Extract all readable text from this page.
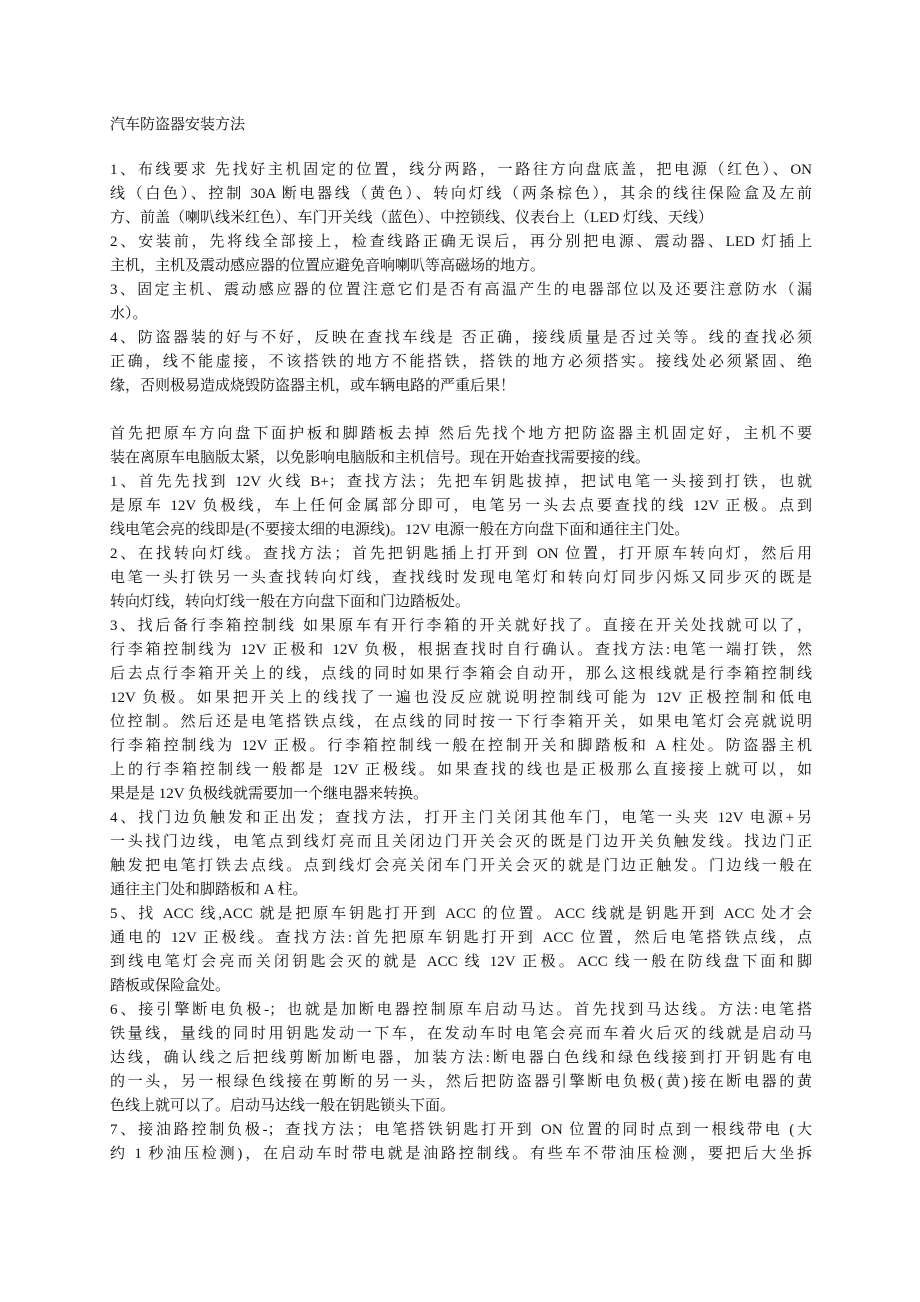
汽车防盗器安装方法
1、布线要求 先找好主机固定的位置，线分两路，一路往方向盘底盖，把电源（红色）、ON
线（白色）、控制 30A 断电器线（黄色）、转向灯线（两条棕色），其余的线往保险盒及左前
方、前盖（喇叭线米红色）、车门开关线（蓝色）、中控锁线、仪表台上（LED 灯线、天线）
2、安装前，先将线全部接上，检查线路正确无误后，再分别把电源、震动器、LED 灯插上
主机，主机及震动感应器的位置应避免音响喇叭等高磁场的地方。
3、固定主机、震动感应器的位置注意它们是否有高温产生的电器部位以及还要注意防水（漏
水）。
4、防盗器装的好与不好，反映在查找车线是 否正确，接线质量是否过关等。线的查找必须
正确，线不能虚接，不该搭铁的地方不能搭铁，搭铁的地方必须搭实。接线处必须紧固、绝
缘，否则极易造成烧毁防盗器主机，或车辆电路的严重后果！
首先把原车方向盘下面护板和脚踏板去掉 然后先找个地方把防盗器主机固定好，主机不要
装在离原车电脑版太紧，以免影响电脑版和主机信号。现在开始查找需要接的线。
1、首先先找到 12V 火线 B+；查找方法；先把车钥匙拔掉，把试电笔一头接到打铁，也就
是原车 12V 负极线，车上任何金属部分即可，电笔另一头去点要查找的线 12V 正极。点到
线电笔会亮的线即是(不要接太细的电源线)。12V 电源一般在方向盘下面和通往主门处。
2、在找转向灯线。查找方法；首先把钥匙插上打开到 ON 位置，打开原车转向灯，然后用
电笔一头打铁另一头查找转向灯线，查找线时发现电笔灯和转向灯同步闪烁又同步灭的既是
转向灯线，转向灯线一般在方向盘下面和门边踏板处。
3、找后备行李箱控制线 如果原车有开行李箱的开关就好找了。直接在开关处找就可以了，
行李箱控制线为 12V 正极和 12V 负极，根据查找时自行确认。查找方法:电笔一端打铁，然
后去点行李箱开关上的线，点线的同时如果行李箱会自动开，那么这根线就是行李箱控制线
12V 负极。如果把开关上的线找了一遍也没反应就说明控制线可能为 12V 正极控制和低电
位控制。然后还是电笔搭铁点线，在点线的同时按一下行李箱开关，如果电笔灯会亮就说明
行李箱控制线为 12V 正极。行李箱控制线一般在控制开关和脚踏板和 A 柱处。防盗器主机
上的行李箱控制线一般都是 12V 正极线。如果查找的线也是正极那么直接接上就可以，如
果是是 12V 负极线就需要加一个继电器来转换。
4、找门边负触发和正出发；查找方法，打开主门关闭其他车门，电笔一头夹 12V 电源+另
一头找门边线，电笔点到线灯亮而且关闭边门开关会灭的既是门边开关负触发线。找边门正
触发把电笔打铁去点线。点到线灯会亮关闭车门开关会灭的就是门边正触发。门边线一般在
通往主门处和脚踏板和 A 柱。
5、找 ACC 线,ACC 就是把原车钥匙打开到 ACC 的位置。ACC 线就是钥匙开到 ACC 处才会
通电的 12V 正极线。查找方法:首先把原车钥匙打开到 ACC 位置，然后电笔搭铁点线，点
到线电笔灯会亮而关闭钥匙会灭的就是 ACC 线 12V 正极。ACC 线一般在防线盘下面和脚
踏板或保险盒处。
6、接引擎断电负极-；也就是加断电器控制原车启动马达。首先找到马达线。方法:电笔搭
铁量线，量线的同时用钥匙发动一下车，在发动车时电笔会亮而车着火后灭的线就是启动马
达线，确认线之后把线剪断加断电器，加装方法:断电器白色线和绿色线接到打开钥匙有电
的一头，另一根绿色线接在剪断的另一头，然后把防盗器引擎断电负极(黄)接在断电器的黄
色线上就可以了。启动马达线一般在钥匙锁头下面。
7、接油路控制负极-；查找方法；电笔搭铁钥匙打开到 ON 位置的同时点到一根线带电 (大
约 1 秒油压检测)，在启动车时带电就是油路控制线。有些车不带油压检测，要把后大坐拆
